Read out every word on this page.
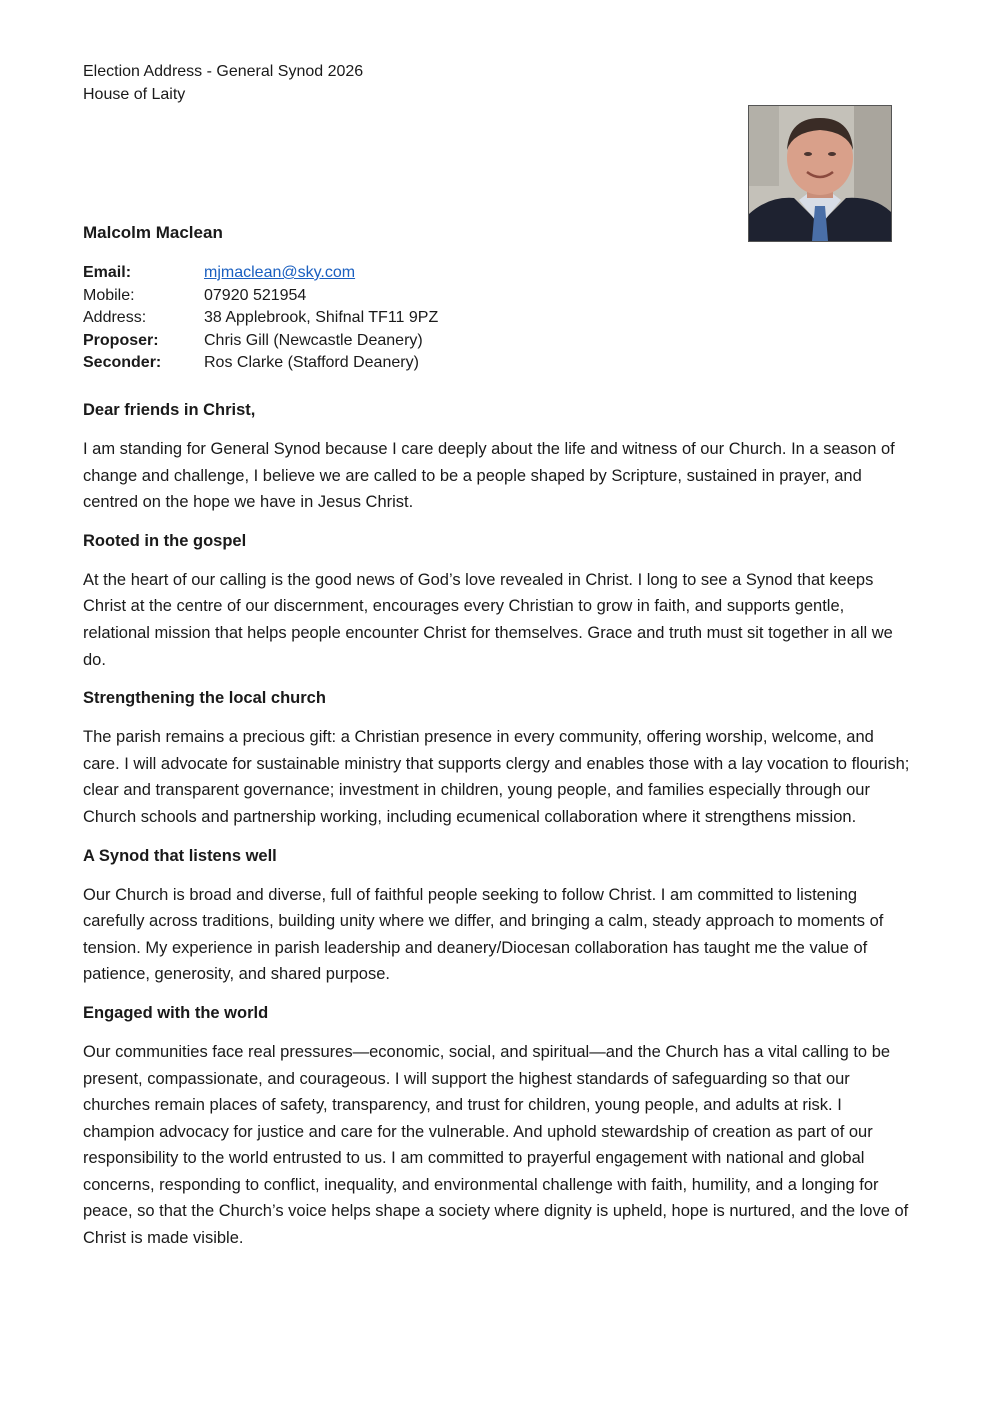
Election Address - General Synod 2026
House of Laity
Malcolm Maclean
Email:	mjmaclean@sky.com
Mobile:	07920 521954
Address:	38 Applebrook, Shifnal TF11 9PZ
Proposer:	Chris Gill (Newcastle Deanery)
Seconder:	Ros Clarke (Stafford Deanery)

Dear friends in Christ,

I am standing for General Synod because I care deeply about the life and witness of our Church. In a season of change and challenge, I believe we are called to be a people shaped by Scripture, sustained in prayer, and centred on the hope we have in Jesus Christ.

Rooted in the gospel

At the heart of our calling is the good news of God’s love revealed in Christ. I long to see a Synod that keeps Christ at the centre of our discernment, encourages every Christian to grow in faith, and supports gentle, relational mission that helps people encounter Christ for themselves. Grace and truth must sit together in all we do.

Strengthening the local church

The parish remains a precious gift: a Christian presence in every community, offering worship, welcome, and care. I will advocate for sustainable ministry that supports clergy and enables those with a lay vocation to flourish; clear and transparent governance; investment in children, young people, and families especially through our Church schools and partnership working, including ecumenical collaboration where it strengthens mission.

A Synod that listens well

Our Church is broad and diverse, full of faithful people seeking to follow Christ. I am committed to listening carefully across traditions, building unity where we differ, and bringing a calm, steady approach to moments of tension. My experience in parish leadership and deanery/Diocesan collaboration has taught me the value of patience, generosity, and shared purpose.

Engaged with the world

Our communities face real pressures—economic, social, and spiritual—and the Church has a vital calling to be present, compassionate, and courageous. I will support the highest standards of safeguarding so that our churches remain places of safety, transparency, and trust for children, young people, and adults at risk. I champion advocacy for justice and care for the vulnerable. And uphold stewardship of creation as part of our responsibility to the world entrusted to us. I am committed to prayerful engagement with national and global concerns, responding to conflict, inequality, and environmental challenge with faith, humility, and a longing for peace, so that the Church’s voice helps shape a society where dignity is upheld, hope is nurtured, and the love of Christ is made visible.
